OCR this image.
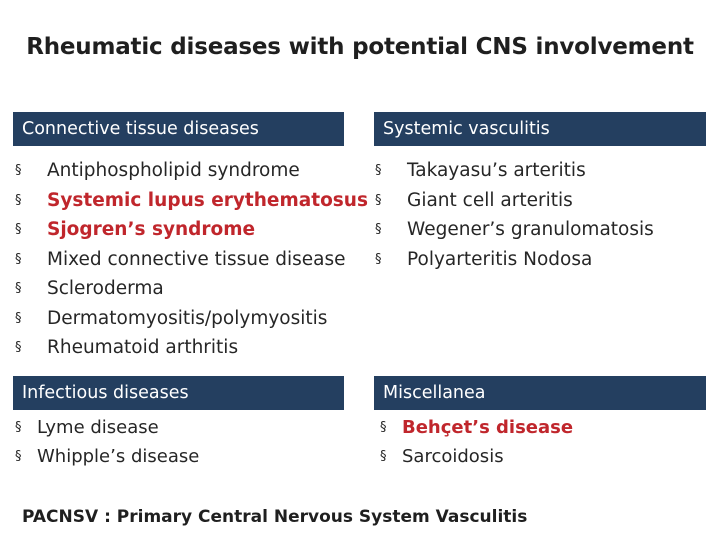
Rheumatic diseases with potential CNS involvement
Connective tissue diseases
§ Antiphospholipid syndrome
§ Systemic lupus erythematosus
§ Sjogren’s syndrome
§ Mixed connective tissue disease
§ Scleroderma
§ Dermatomyositis/polymyositis
§ Rheumatoid arthritis
Systemic vasculitis
§ Takayasu’s arteritis
§ Giant cell arteritis
§ Wegener’s granulomatosis
§ Polyarteritis Nodosa
Infectious diseases
§ Lyme disease
§ Whipple’s disease
Miscellanea
§ Behçet’s disease
§ Sarcoidosis
PACNSV : Primary Central Nervous System Vasculitis
